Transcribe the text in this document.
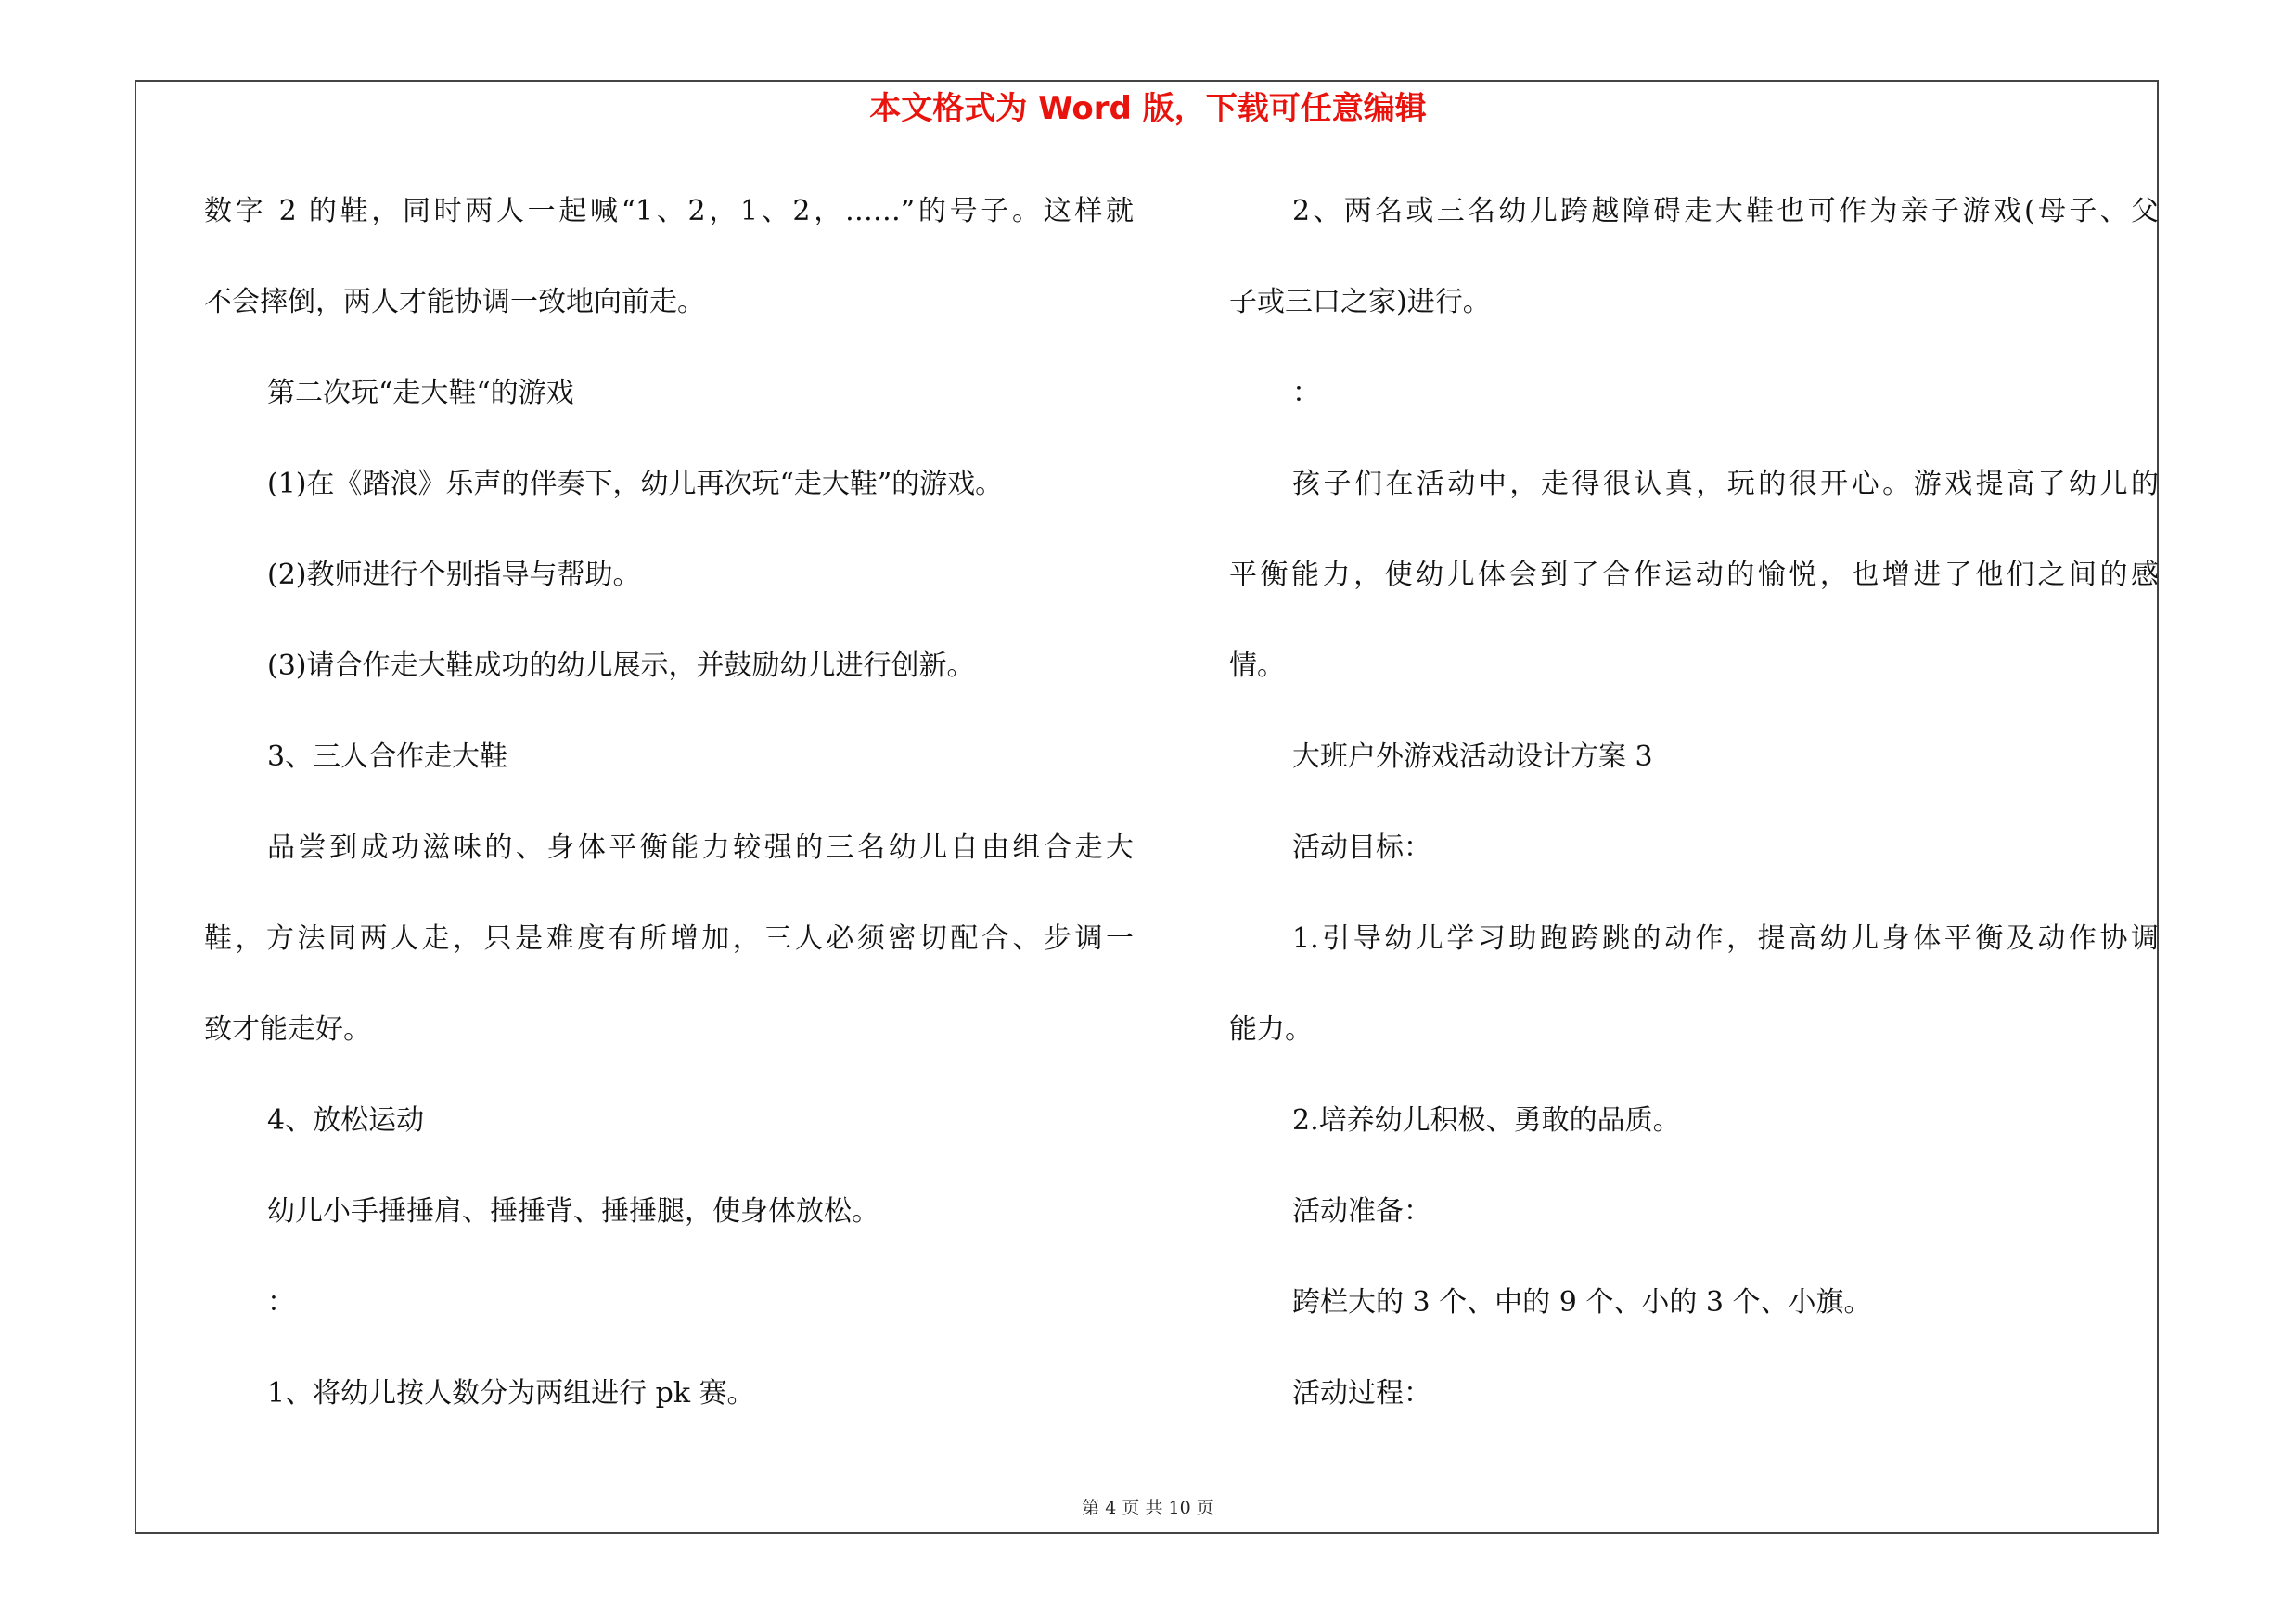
本文格式为 Word 版，下载可任意编辑
数字 2 的鞋，同时两人一起喊“1、2，1、2，……”的号子。这样就
不会摔倒，两人才能协调一致地向前走。
第二次玩“走大鞋“的游戏
(1)在《踏浪》乐声的伴奏下，幼儿再次玩“走大鞋”的游戏。
(2)教师进行个别指导与帮助。
(3)请合作走大鞋成功的幼儿展示，并鼓励幼儿进行创新。
3、三人合作走大鞋
品尝到成功滋味的、身体平衡能力较强的三名幼儿自由组合走大
鞋，方法同两人走，只是难度有所增加，三人必须密切配合、步调一
致才能走好。
4、放松运动
幼儿小手捶捶肩、捶捶背、捶捶腿，使身体放松。
：
1、将幼儿按人数分为两组进行 pk 赛。
2、两名或三名幼儿跨越障碍走大鞋也可作为亲子游戏(母子、父
子或三口之家)进行。
：
孩子们在活动中，走得很认真，玩的很开心。游戏提高了幼儿的
平衡能力，使幼儿体会到了合作运动的愉悦，也增进了他们之间的感
情。
大班户外游戏活动设计方案 3
活动目标：
1.引导幼儿学习助跑跨跳的动作，提高幼儿身体平衡及动作协调
能力。
2.培养幼儿积极、勇敢的品质。
活动准备：
跨栏大的 3 个、中的 9 个、小的 3 个、小旗。
活动过程：
第 4 页 共 10 页
